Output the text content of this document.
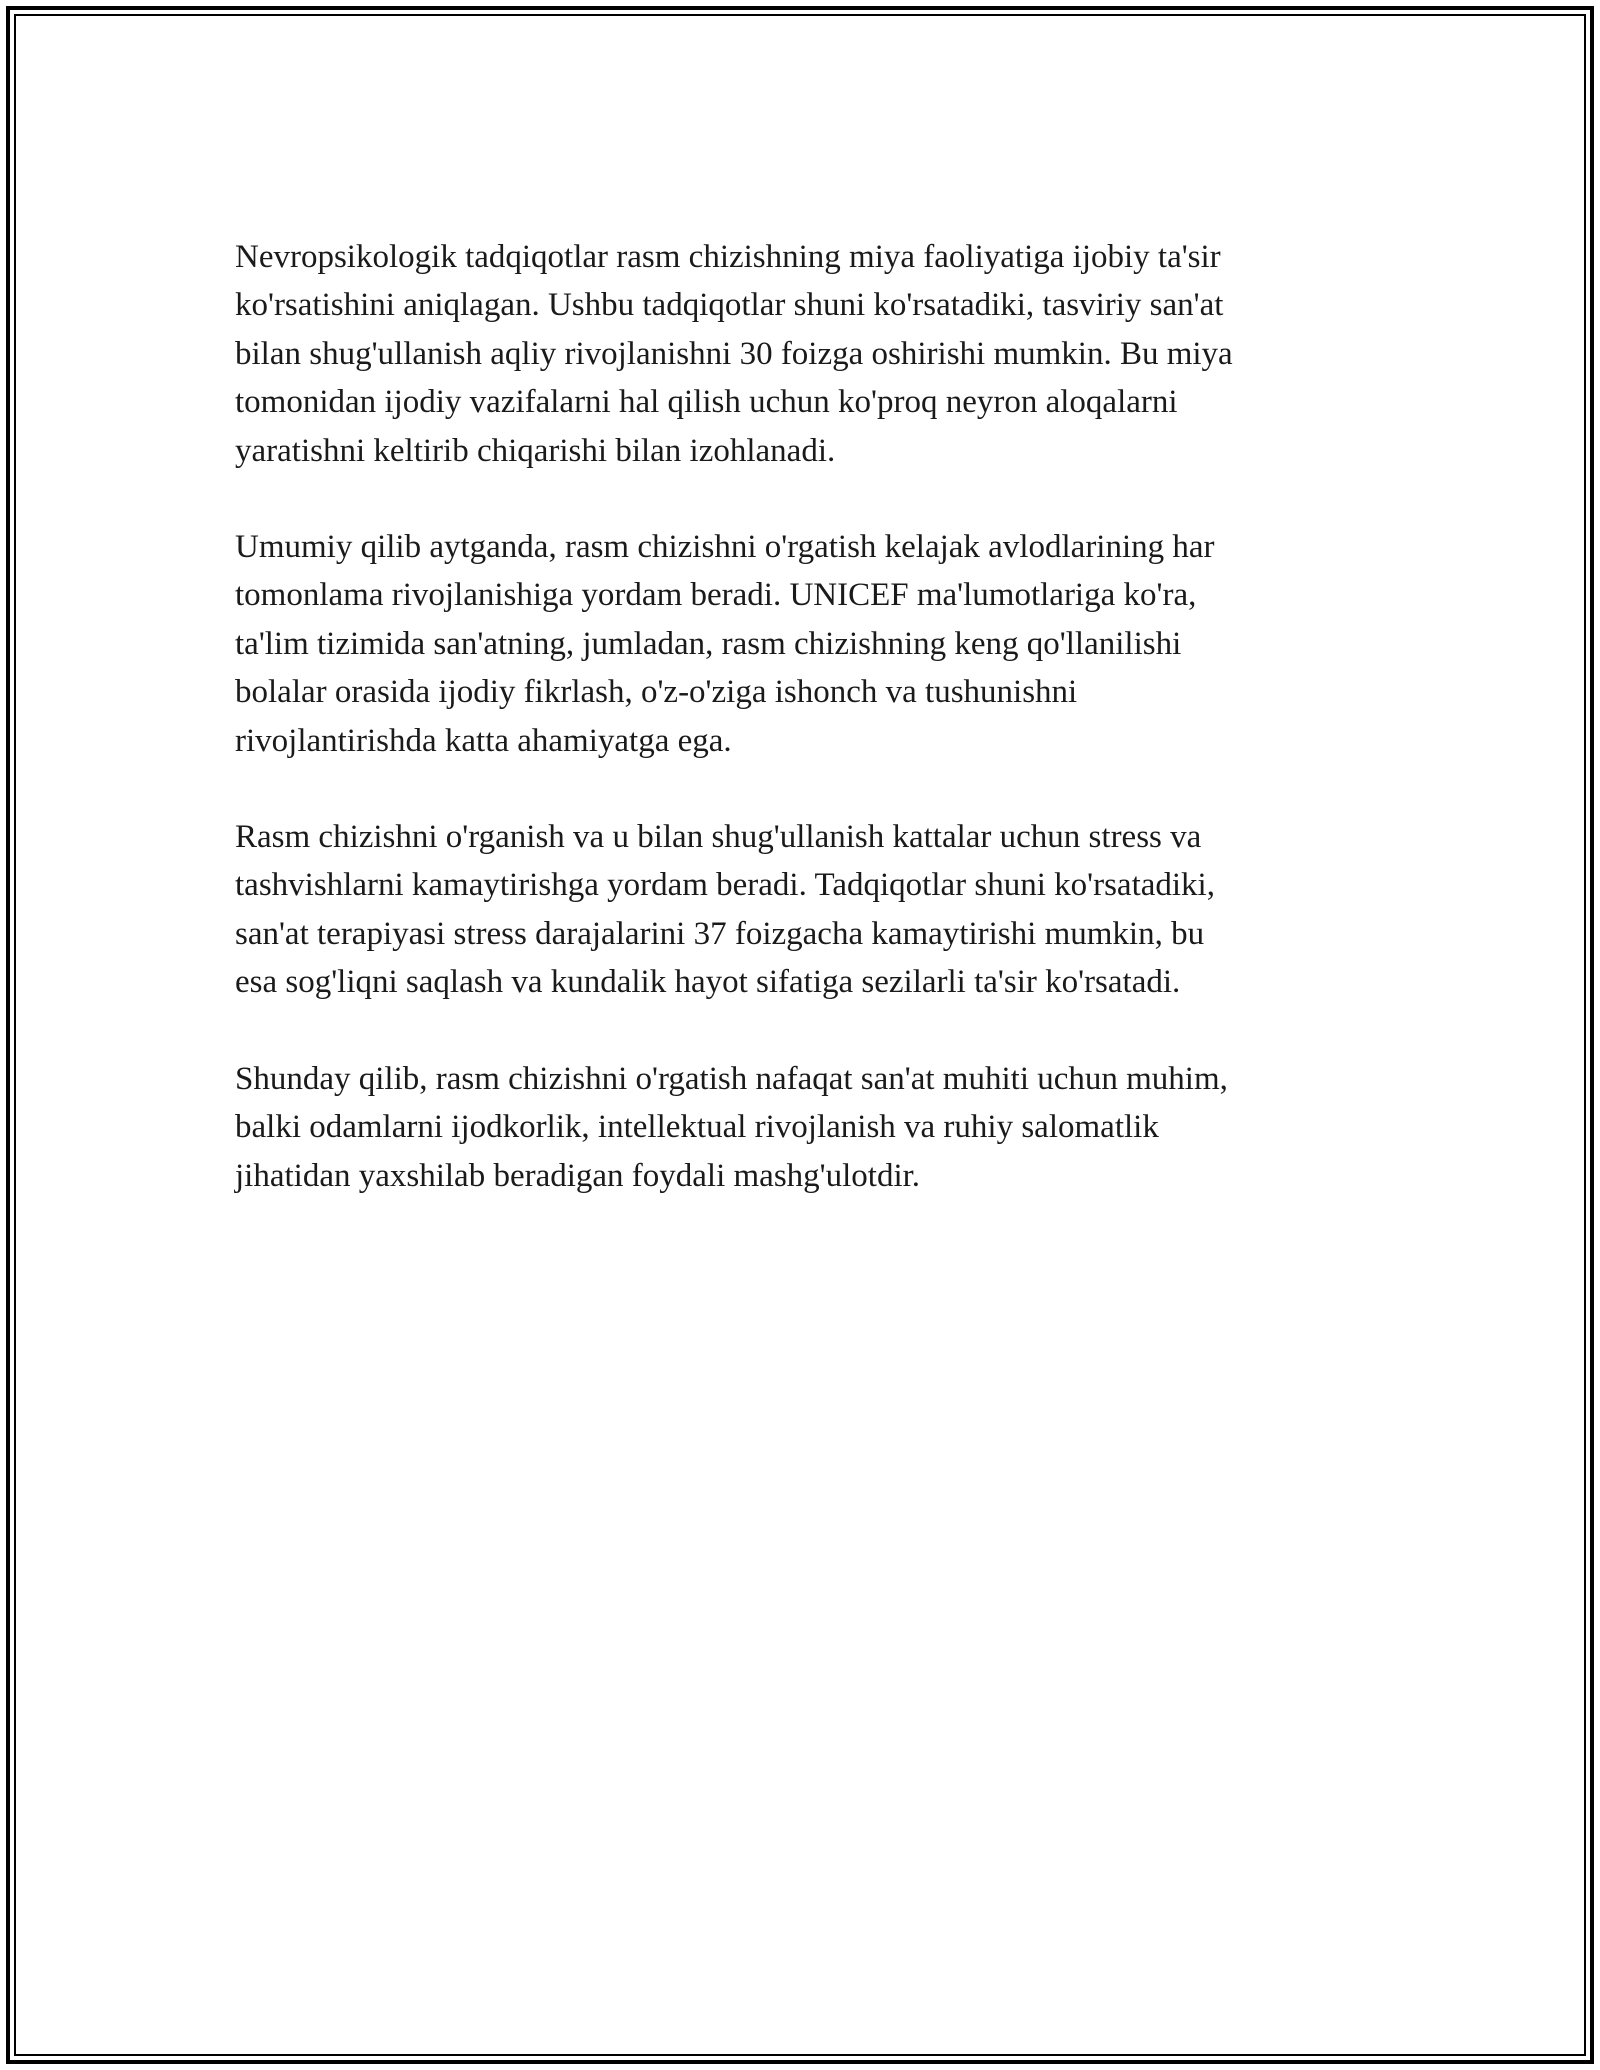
Nevropsikologik tadqiqotlar rasm chizishning miya faoliyatiga ijobiy ta'sir
ko'rsatishini aniqlagan. Ushbu tadqiqotlar shuni ko'rsatadiki, tasviriy san'at
bilan shug'ullanish aqliy rivojlanishni 30 foizga oshirishi mumkin. Bu miya
tomonidan ijodiy vazifalarni hal qilish uchun ko'proq neyron aloqalarni
yaratishni keltirib chiqarishi bilan izohlanadi.

Umumiy qilib aytganda, rasm chizishni o'rgatish kelajak avlodlarining har
tomonlama rivojlanishiga yordam beradi. UNICEF ma'lumotlariga ko'ra,
ta'lim tizimida san'atning, jumladan, rasm chizishning keng qo'llanilishi
bolalar orasida ijodiy fikrlash, o'z-o'ziga ishonch va tushunishni
rivojlantirishda katta ahamiyatga ega.

Rasm chizishni o'rganish va u bilan shug'ullanish kattalar uchun stress va
tashvishlarni kamaytirishga yordam beradi. Tadqiqotlar shuni ko'rsatadiki,
san'at terapiyasi stress darajalarini 37 foizgacha kamaytirishi mumkin, bu
esa sog'liqni saqlash va kundalik hayot sifatiga sezilarli ta'sir ko'rsatadi.

Shunday qilib, rasm chizishni o'rgatish nafaqat san'at muhiti uchun muhim,
balki odamlarni ijodkorlik, intellektual rivojlanish va ruhiy salomatlik
jihatidan yaxshilab beradigan foydali mashg'ulotdir.
